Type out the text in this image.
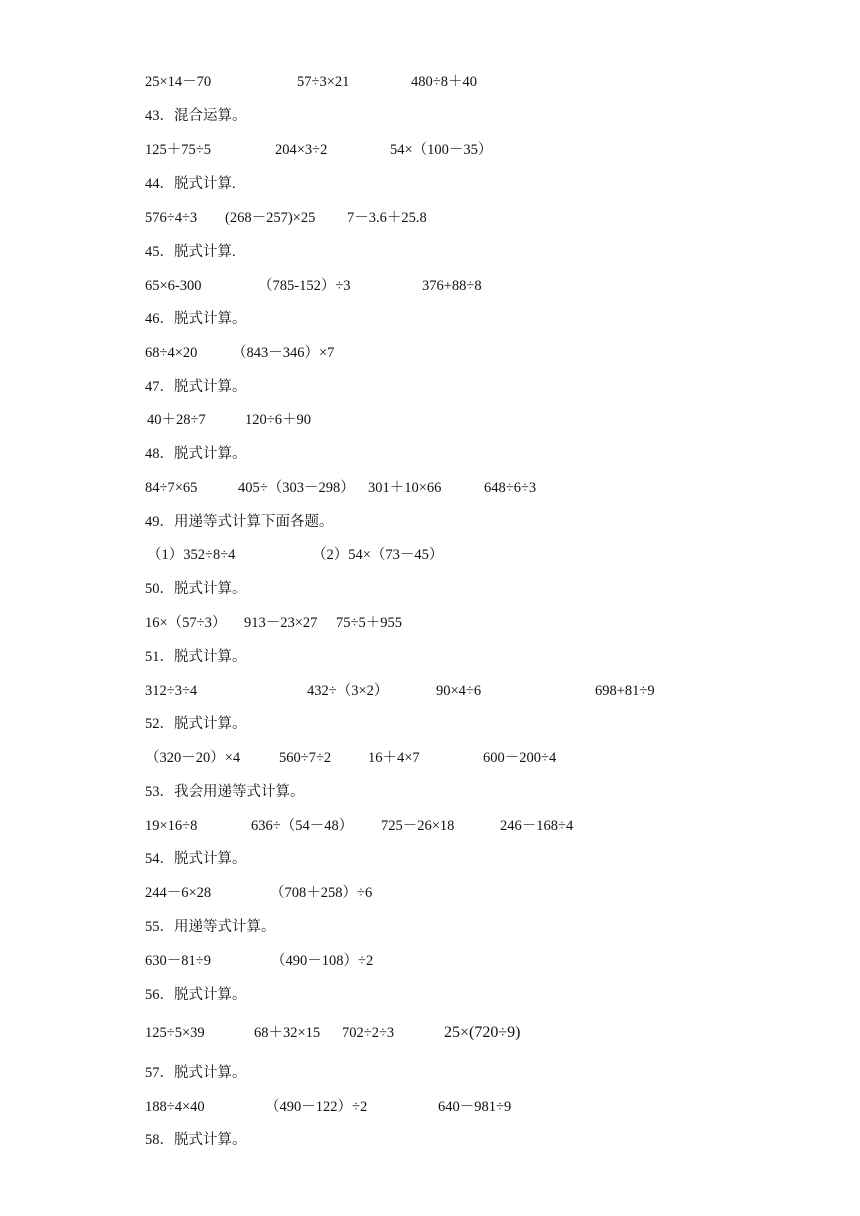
25×14－70	57÷3×21	480÷8＋40
43．混合运算。
125＋75÷5	204×3÷2	54×（100－35）
44．脱式计算.
576÷4÷3 (268－257)×25 7－3.6＋25.8
45．脱式计算.
65×6-300	（785-152）÷3	376+88÷8
46．脱式计算。
68÷4×20 （843－346）×7
47．脱式计算。
40＋28÷7	120÷6＋90
48．脱式计算。
84÷7×65	405÷（303－298） 301＋10×66	648÷6÷3
49．用递等式计算下面各题。
（1）352÷8÷4	（2）54×（73－45）
50．脱式计算。
16×（57÷3） 913－23×27 75÷5＋955
51．脱式计算。
312÷3÷4	432÷（3×2）	90×4÷6	698+81÷9
52．脱式计算。
（320－20）×4	560÷7÷2	16＋4×7	600－200÷4
53．我会用递等式计算。
19×16÷8	636÷（54－48） 725－26×18	246－168÷4
54．脱式计算。
244－6×28	（708＋258）÷6
55．用递等式计算。
630－81÷9	（490－108）÷2
56．脱式计算。
125÷5×39	68＋32×15 702÷2÷3	25×(720÷9)
57．脱式计算。
188÷4×40	（490－122）÷2	640－981÷9
58．脱式计算。
